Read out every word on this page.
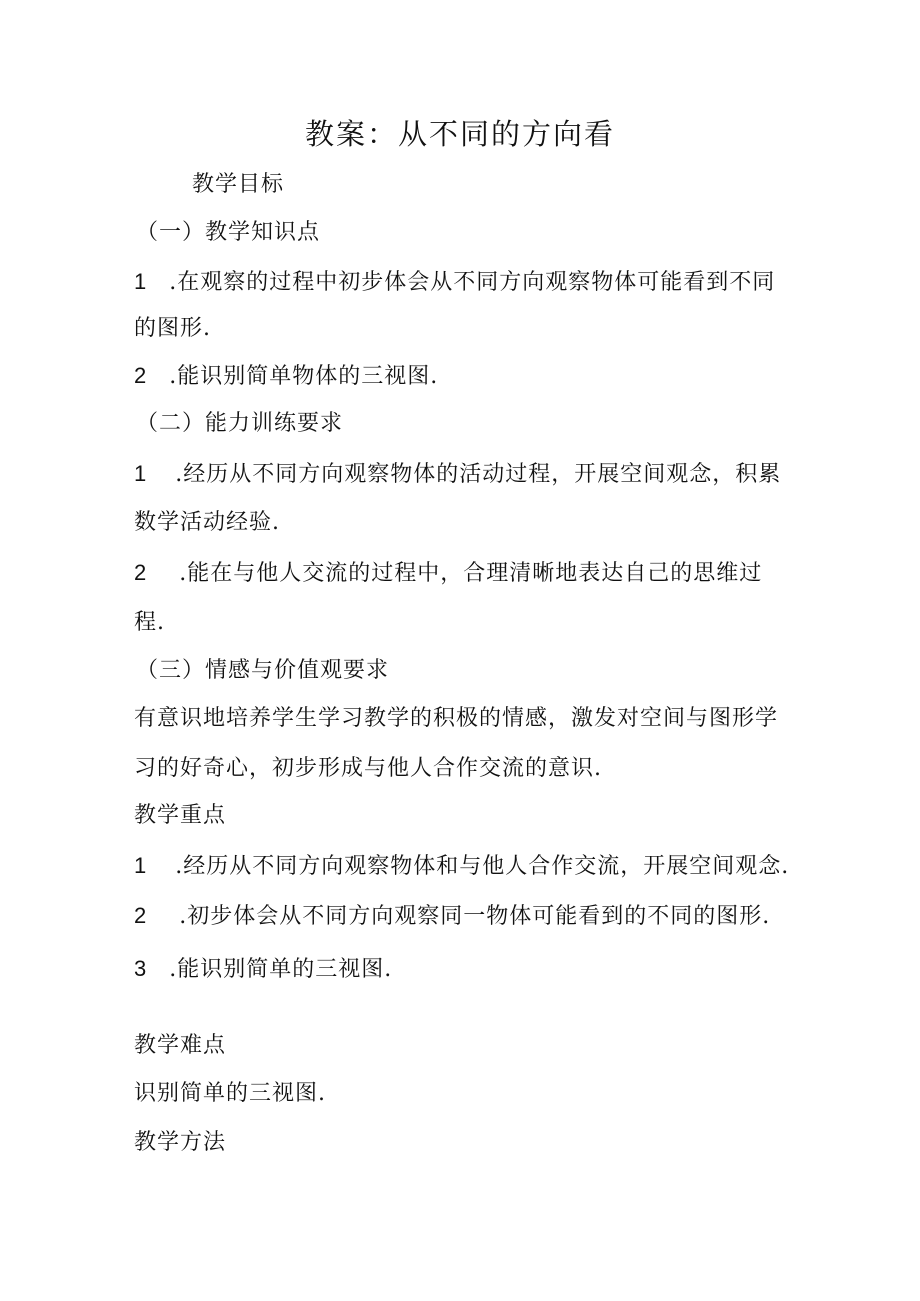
教案：从不同的方向看
教学目标
（一）教学知识点
1 .在观察的过程中初步体会从不同方向观察物体可能看到不同
的图形.
2 .能识别简单物体的三视图.
（二）能力训练要求
1 .经历从不同方向观察物体的活动过程，开展空间观念，积累
数学活动经验.
2 .能在与他人交流的过程中，合理清晰地表达自己的思维过
程.
（三）情感与价值观要求
有意识地培养学生学习教学的积极的情感，激发对空间与图形学
习的好奇心，初步形成与他人合作交流的意识.
教学重点
1 .经历从不同方向观察物体和与他人合作交流，开展空间观念.
2 .初步体会从不同方向观察同一物体可能看到的不同的图形.
3 .能识别简单的三视图.
教学难点
识别简单的三视图.
教学方法
